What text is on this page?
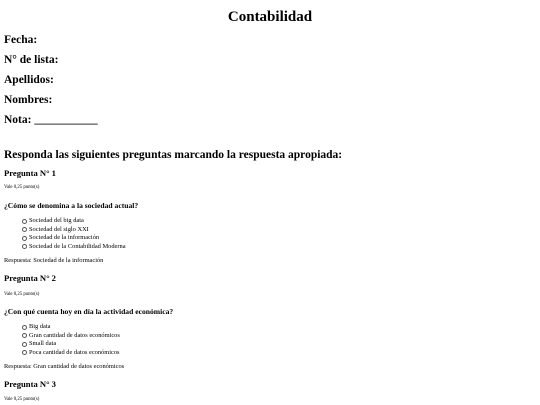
Contabilidad
Fecha:
N° de lista:
Apellidos:
Nombres:
Nota: ___________
Responda las siguientes preguntas marcando la respuesta apropiada:
Pregunta N° 1
Vale 0,25 punto(s)
¿Cómo se denomina a la sociedad actual?
Sociedad del big data
Sociedad del siglo XXI
Sociedad de la información
Sociedad de la Contabilidad Moderna
Respuesta: Sociedad de la información
Pregunta N° 2
Vale 0,25 punto(s)
¿Con qué cuenta hoy en día la actividad económica?
Big data
Gran cantidad de datos económicos
Small data
Poca cantidad de datos económicos
Respuesta: Gran cantidad de datos económicos
Pregunta N° 3
Vale 0,25 punto(s)
